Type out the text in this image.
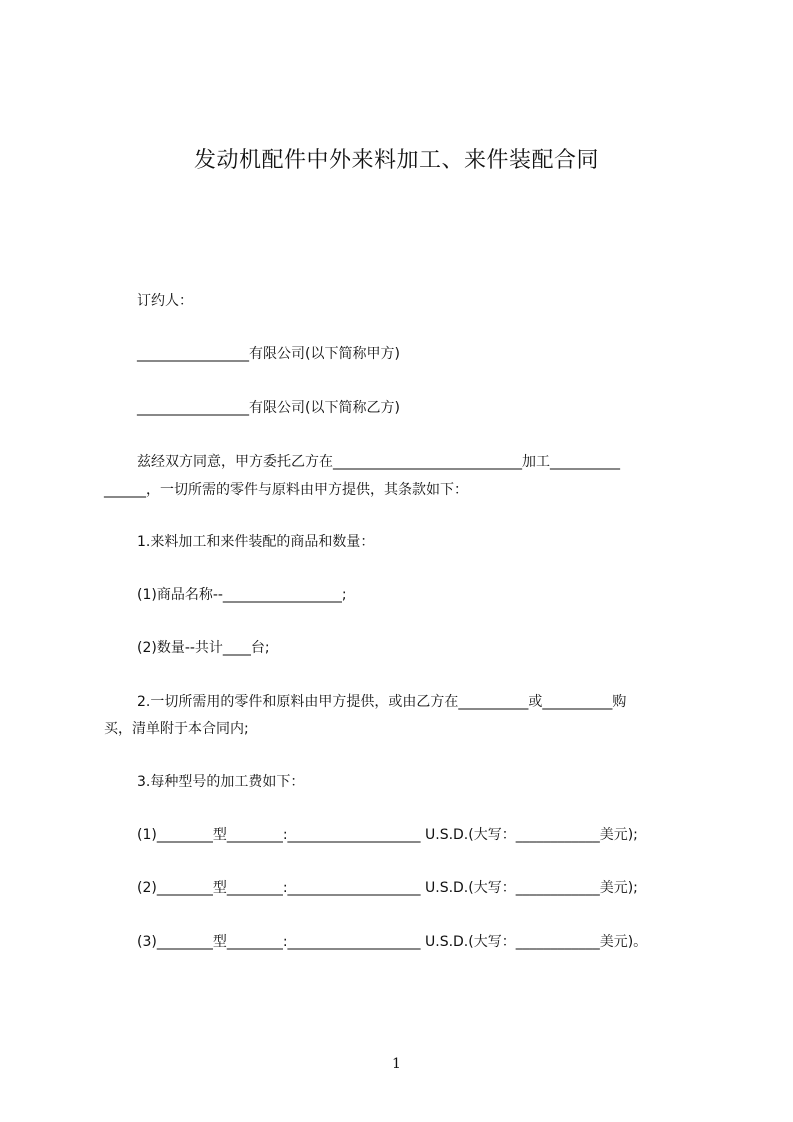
发动机配件中外来料加工、来件装配合同
订约人：
________________有限公司(以下简称甲方)
________________有限公司(以下简称乙方)
兹经双方同意，甲方委托乙方在___________________________加工__________
______，一切所需的零件与原料由甲方提供，其条款如下：
1.来料加工和来件装配的商品和数量：
(1)商品名称--_________________;
(2)数量--共计____台;
2.一切所需用的零件和原料由甲方提供，或由乙方在__________或__________购
买，清单附于本合同内;
3.每种型号的加工费如下：
(1)________型________:___________________ U.S.D.(大写：____________美元);
(2)________型________:___________________ U.S.D.(大写：____________美元);
(3)________型________:___________________ U.S.D.(大写：____________美元)。
1
